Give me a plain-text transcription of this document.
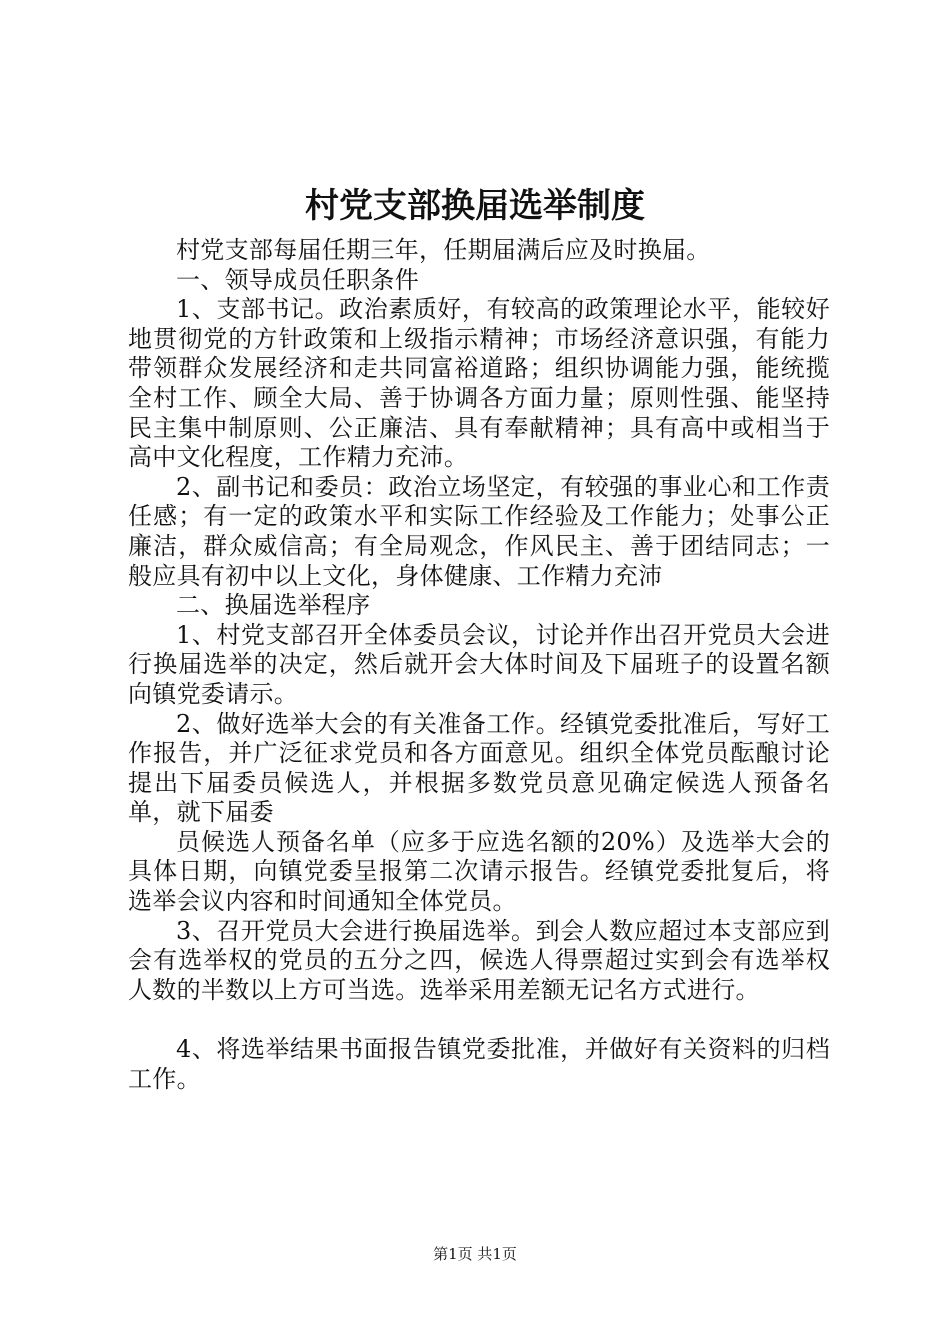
村党支部换届选举制度

村党支部每届任期三年，任期届满后应及时换届。

一、领导成员任职条件

1、支部书记。政治素质好，有较高的政策理论水平，能较好地贯彻党的方针政策和上级指示精神；市场经济意识强，有能力带领群众发展经济和走共同富裕道路；组织协调能力强，能统揽全村工作、顾全大局、善于协调各方面力量；原则性强、能坚持民主集中制原则、公正廉洁、具有奉献精神；具有高中或相当于高中文化程度，工作精力充沛。

2、副书记和委员：政治立场坚定，有较强的事业心和工作责任感；有一定的政策水平和实际工作经验及工作能力；处事公正廉洁，群众威信高；有全局观念，作风民主、善于团结同志；一般应具有初中以上文化，身体健康、工作精力充沛

二、换届选举程序

1、村党支部召开全体委员会议，讨论并作出召开党员大会进行换届选举的决定，然后就开会大体时间及下届班子的设置名额向镇党委请示。

2、做好选举大会的有关准备工作。经镇党委批准后，写好工作报告，并广泛征求党员和各方面意见。组织全体党员酝酿讨论提出下届委员候选人，并根据多数党员意见确定候选人预备名单，就下届委

员候选人预备名单（应多于应选名额的20%）及选举大会的具体日期，向镇党委呈报第二次请示报告。经镇党委批复后，将选举会议内容和时间通知全体党员。

3、召开党员大会进行换届选举。到会人数应超过本支部应到会有选举权的党员的五分之四，候选人得票超过实到会有选举权人数的半数以上方可当选。选举采用差额无记名方式进行。

4、将选举结果书面报告镇党委批准，并做好有关资料的归档工作。

第1页 共1页
